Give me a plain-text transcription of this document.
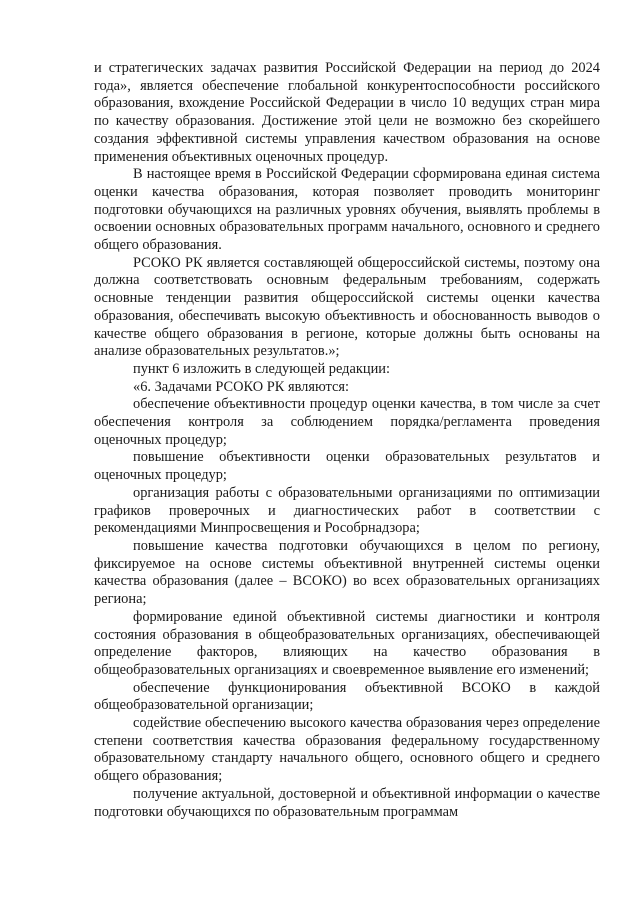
и стратегических задачах развития Российской Федерации на период до 2024 года», является обеспечение глобальной конкурентоспособности российского образования, вхождение Российской Федерации в число 10 ведущих стран мира по качеству образования. Достижение этой цели не возможно без скорейшего создания эффективной системы управления качеством образования на основе применения объективных оценочных процедур.

В настоящее время в Российской Федерации сформирована единая система оценки качества образования, которая позволяет проводить мониторинг подготовки обучающихся на различных уровнях обучения, выявлять проблемы в освоении основных образовательных программ начального, основного и среднего общего образования.

РСОКО РК является составляющей общероссийской системы, поэтому она должна соответствовать основным федеральным требованиям, содержать основные тенденции развития общероссийской системы оценки качества образования, обеспечивать высокую объективность и обоснованность выводов о качестве общего образования в регионе, которые должны быть основаны на анализе образовательных результатов.»;

пункт 6 изложить в следующей редакции:

«6. Задачами РСОКО РК являются:

обеспечение объективности процедур оценки качества, в том числе за счет обеспечения контроля за соблюдением порядка/регламента проведения оценочных процедур;

повышение объективности оценки образовательных результатов и оценочных процедур;

организация работы с образовательными организациями по оптимизации графиков проверочных и диагностических работ в соответствии с рекомендациями Минпросвещения и Рособрнадзора;

повышение качества подготовки обучающихся в целом по региону, фиксируемое на основе системы объективной внутренней системы оценки качества образования (далее – ВСОКО) во всех образовательных организациях региона;

формирование единой объективной системы диагностики и контроля состояния образования в общеобразовательных организациях, обеспечивающей определение факторов, влияющих на качество образования в общеобразовательных организациях и своевременное выявление его изменений;

обеспечение функционирования объективной ВСОКО в каждой общеобразовательной организации;

содействие обеспечению высокого качества образования через определение степени соответствия качества образования федеральному государственному образовательному стандарту начального общего, основного общего и среднего общего образования;

получение актуальной, достоверной и объективной информации о качестве подготовки обучающихся по образовательным программам
